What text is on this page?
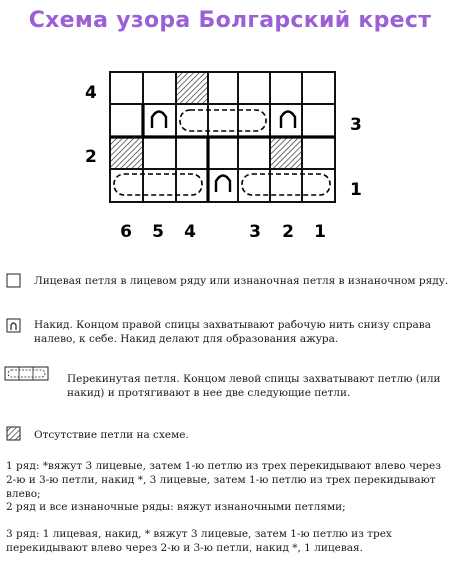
Схема узора Болгарский крест
4
3
2
1
6 5 4	3 2 1
Лицевая петля в лицевом ряду или изнаночная петля в изнаночном ряду.
Накид. Концом правой спицы захватывают рабочую нить снизу справа налево, к себе. Накид делают для образования ажура.
Перекинутая петля. Концом левой спицы захватывают петлю (или накид) и протягивают в нее две следующие петли.
Отсутствие петли на схеме.
1 ряд: *вяжут 3 лицевые, затем 1-ю петлю из трех перекидывают влево через 2-ю и 3-ю петли, накид *, 3 лицевые, затем 1-ю петлю из трех перекидывают влево;
2 ряд и все изнаночные ряды: вяжут изнаночными петлями;
3 ряд: 1 лицевая, накид, * вяжут 3 лицевые, затем 1-ю петлю из трех перекидывают влево через 2-ю и 3-ю петли, накид *, 1 лицевая.
